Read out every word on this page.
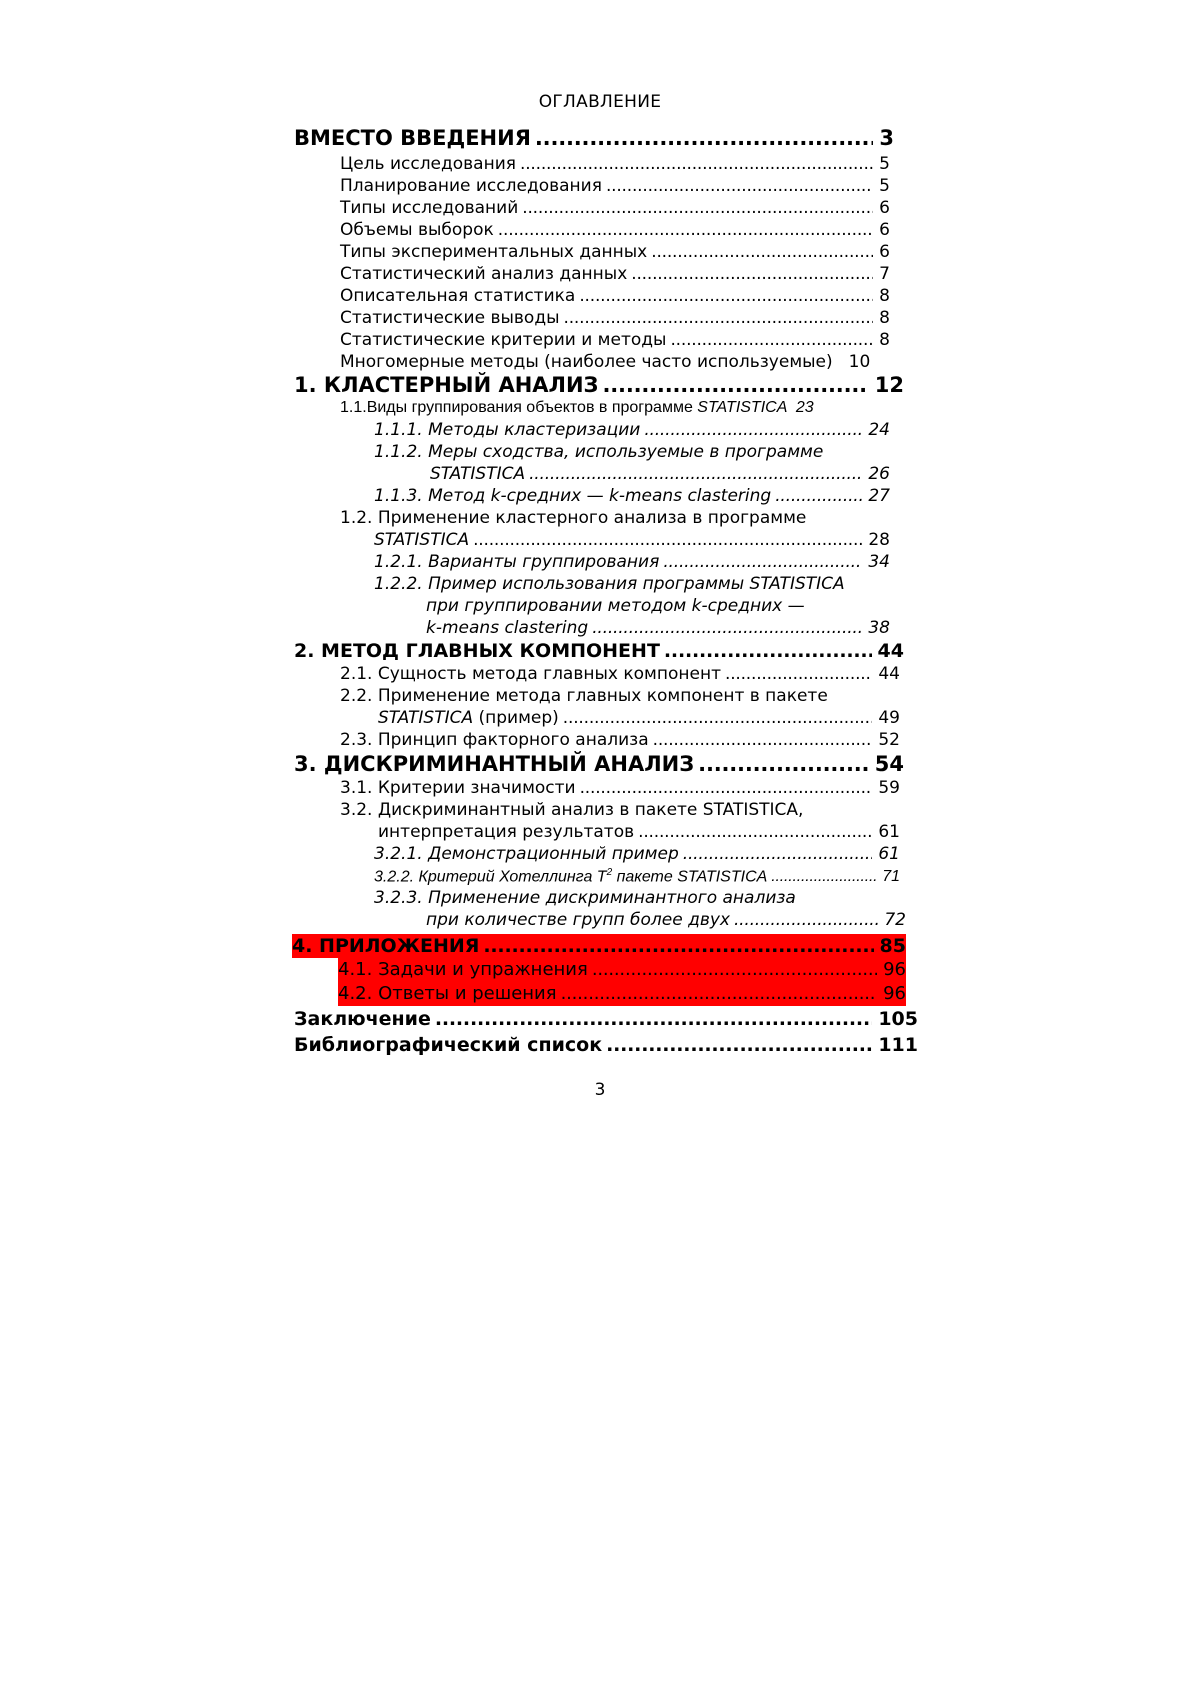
ОГЛАВЛЕНИЕ
ВМЕСТО ВВЕДЕНИЯ .....	3
Цель исследования .....	5
Планирование исследования .....	5
Типы исследований .....	6
Объемы выборок .....	6
Типы экспериментальных данных .....	6
Статистический анализ данных .....	7
Описательная статистика .....	8
Статистические выводы .....	8
Статистические критерии и методы .....	8
Многомерные методы (наиболее часто используемые) 10
1. КЛАСТЕРНЫЙ АНАЛИЗ .....	12
1.1.Виды группирования объектов в программе STATISTICA 23
1.1.1. Методы кластеризации .....	24
1.1.2. Меры сходства, используемые в программе
STATISTICA .....	26
1.1.3. Метод k-средних — k-means clastering .....	27
1.2. Применение кластерного анализа в программе
STATISTICA .....	28
1.2.1. Варианты группирования .....	34
1.2.2. Пример использования программы STATISTICA
при группировании методом k-средних —
k-means clastering .....	38
2. МЕТОД ГЛАВНЫХ КОМПОНЕНТ .....	44
2.1. Сущность метода главных компонент .....	44
2.2. Применение метода главных компонент в пакете
STATISTICA (пример) .....	49
2.3. Принцип факторного анализа .....	52
3. ДИСКРИМИНАНТНЫЙ АНАЛИЗ .....	54
3.1. Критерии значимости .....	59
3.2. Дискриминантный анализ в пакете STATISTICA,
интерпретация результатов .....	61
3.2.1. Демонстрационный пример .....	61
3.2.2. Критерий Хотеллинга $T^2$ пакете STATISTICA .....	71
3.2.3. Применение дискриминантного анализа
при количестве групп более двух .....	72
4. ПРИЛОЖЕНИЯ .....	85
4.1. Задачи и упражнения .....	96
4.2. Ответы и решения .....	96
Заключение .....	105
Библиографический список .....	111
3
